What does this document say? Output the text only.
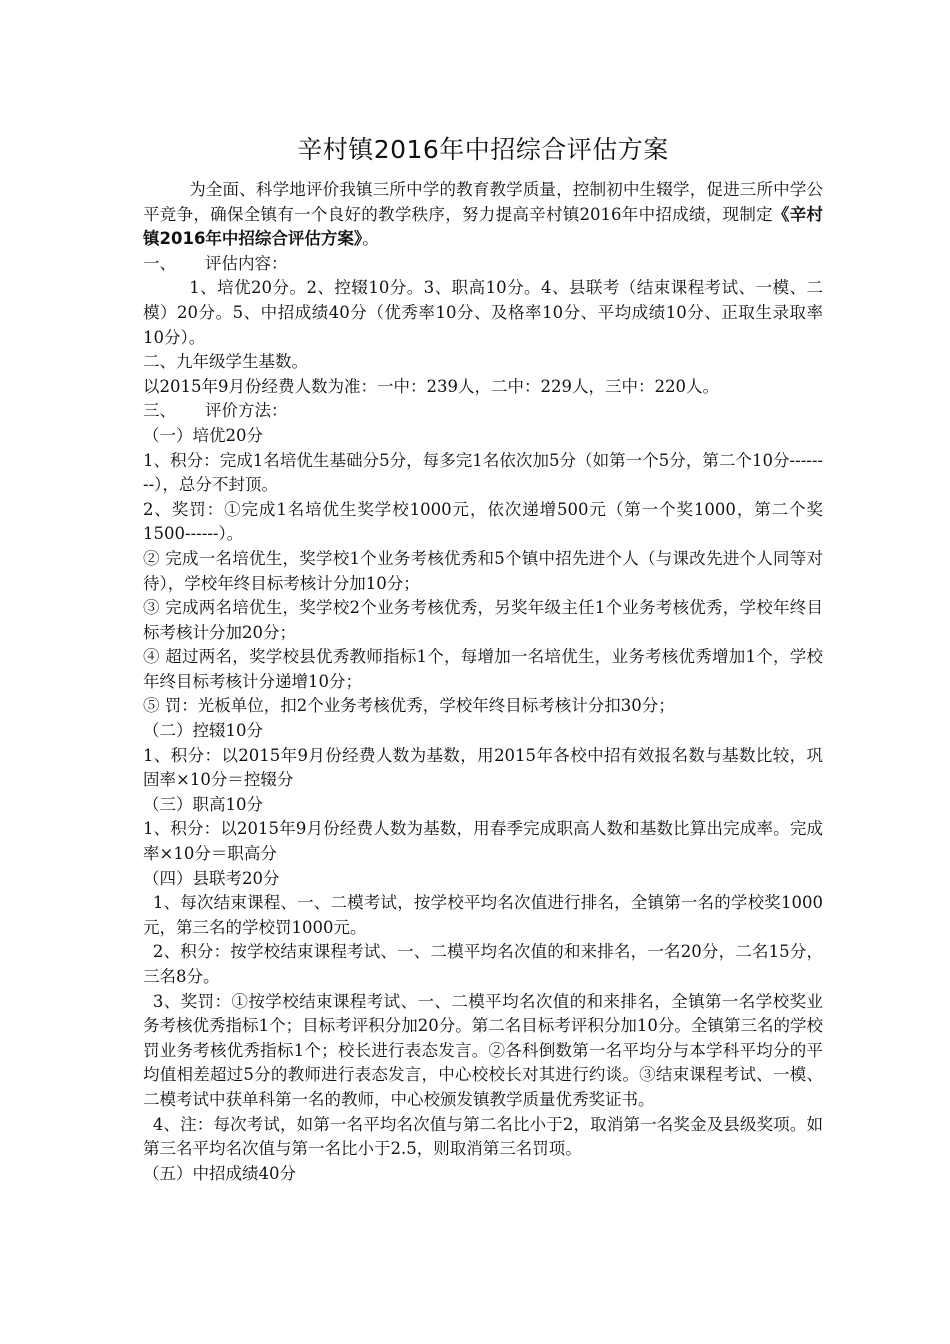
辛村镇2016年中招综合评估方案

为全面、科学地评价我镇三所中学的教育教学质量，控制初中生辍学，促进三所中学公平竞争，确保全镇有一个良好的教学秩序，努力提高辛村镇2016年中招成绩，现制定《辛村镇2016年中招综合评估方案》。

一、 评估内容：

1、培优20分。2、控辍10分。3、职高10分。4、县联考（结束课程考试、一模、二模）20分。5、中招成绩40分（优秀率10分、及格率10分、平均成绩10分、正取生录取率10分）。

二、九年级学生基数。

以2015年9月份经费人数为准：一中：239人，二中：229人，三中：220人。

三、 评价方法：

（一）培优20分

1、积分：完成1名培优生基础分5分，每多完1名依次加5分（如第一个5分，第二个10分--------），总分不封顶。

2、奖罚：①完成1名培优生奖学校1000元，依次递增500元（第一个奖1000，第二个奖1500------）。

② 完成一名培优生，奖学校1个业务考核优秀和5个镇中招先进个人（与课改先进个人同等对待），学校年终目标考核计分加10分；

③ 完成两名培优生，奖学校2个业务考核优秀，另奖年级主任1个业务考核优秀，学校年终目标考核计分加20分；

④ 超过两名，奖学校县优秀教师指标1个，每增加一名培优生，业务考核优秀增加1个，学校年终目标考核计分递增10分；

⑤ 罚：光板单位，扣2个业务考核优秀，学校年终目标考核计分扣30分；

（二）控辍10分

1、积分：以2015年9月份经费人数为基数，用2015年各校中招有效报名数与基数比较，巩固率×10分＝控辍分

（三）职高10分

1、积分：以2015年9月份经费人数为基数，用春季完成职高人数和基数比算出完成率。完成率×10分＝职高分

（四）县联考20分

1、每次结束课程、一、二模考试，按学校平均名次值进行排名，全镇第一名的学校奖1000元，第三名的学校罚1000元。

2、积分：按学校结束课程考试、一、二模平均名次值的和来排名，一名20分，二名15分，三名8分。

3、奖罚：①按学校结束课程考试、一、二模平均名次值的和来排名，全镇第一名学校奖业务考核优秀指标1个；目标考评积分加20分。第二名目标考评积分加10分。全镇第三名的学校罚业务考核优秀指标1个；校长进行表态发言。②各科倒数第一名平均分与本学科平均分的平均值相差超过5分的教师进行表态发言，中心校校长对其进行约谈。③结束课程考试、一模、二模考试中获单科第一名的教师，中心校颁发镇教学质量优秀奖证书。

4、注：每次考试，如第一名平均名次值与第二名比小于2，取消第一名奖金及县级奖项。如第三名平均名次值与第一名比小于2.5，则取消第三名罚项。

（五）中招成绩40分
